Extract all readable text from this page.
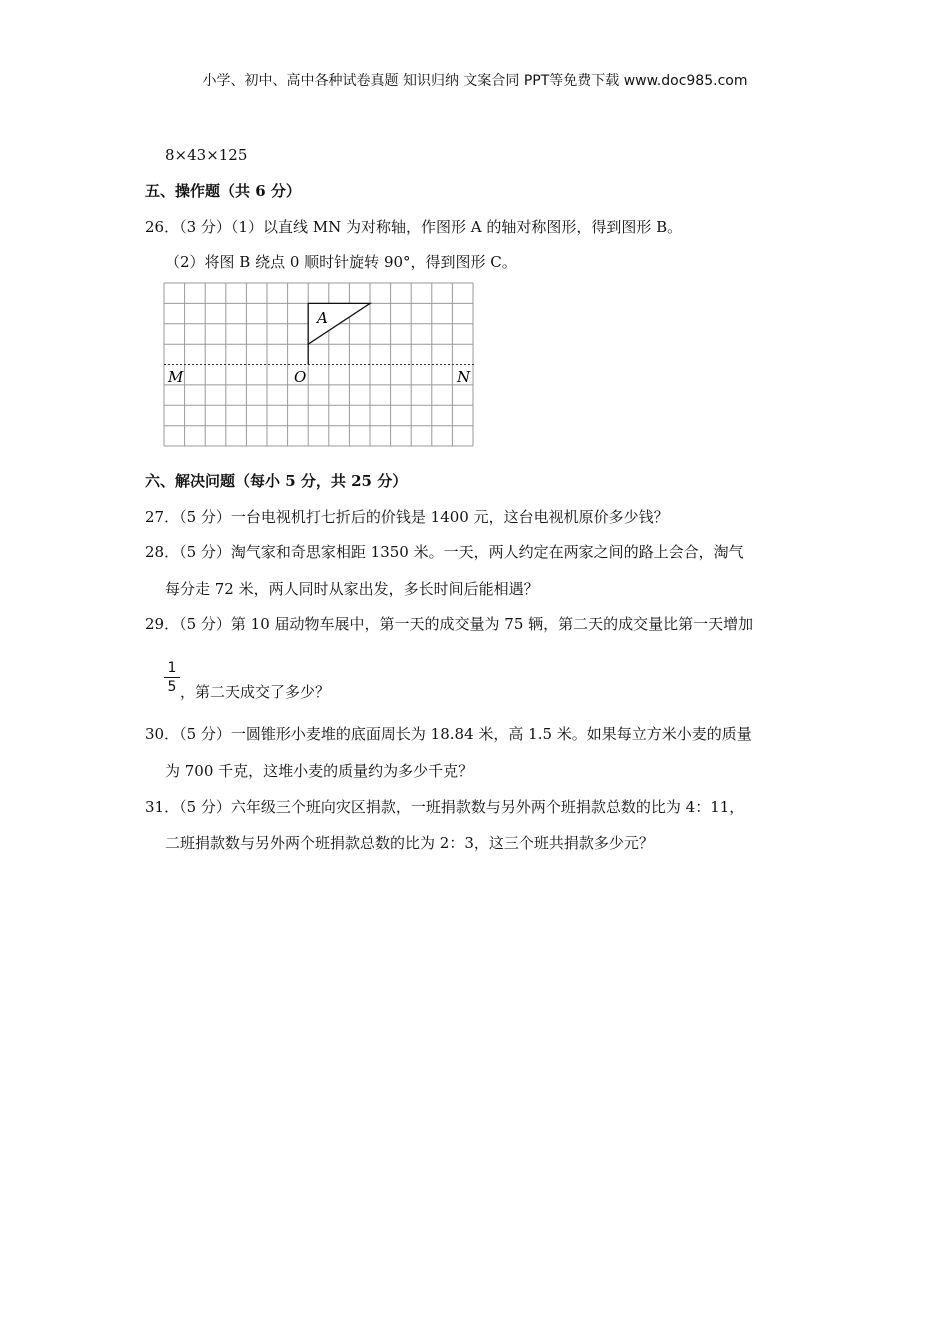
小学、初中、高中各种试卷真题 知识归纳 文案合同 PPT等免费下载 www.doc985.com
8×43×125
五、操作题（共 6 分）
26．（3 分）（1）以直线 MN 为对称轴，作图形 A 的轴对称图形，得到图形 B。
（2）将图 B 绕点 0 顺时针旋转 90°，得到图形 C。
A
M	O	N
六、解决问题（每小 5 分，共 25 分）
27．（5 分）一台电视机打七折后的价钱是 1400 元，这台电视机原价多少钱？
28．（5 分）淘气家和奇思家相距 1350 米。一天，两人约定在两家之间的路上会合，淘气
每分走 72 米，两人同时从家出发，多长时间后能相遇？
29．（5 分）第 10 届动物车展中，第一天的成交量为 75 辆，第二天的成交量比第一天增加
1
5 ，第二天成交了多少？
30．（5 分）一圆锥形小麦堆的底面周长为 18.84 米，高 1.5 米。如果每立方米小麦的质量
为 700 千克，这堆小麦的质量约为多少千克？
31．（5 分）六年级三个班向灾区捐款，一班捐款数与另外两个班捐款总数的比为 4：11，
二班捐款数与另外两个班捐款总数的比为 2：3，这三个班共捐款多少元？
